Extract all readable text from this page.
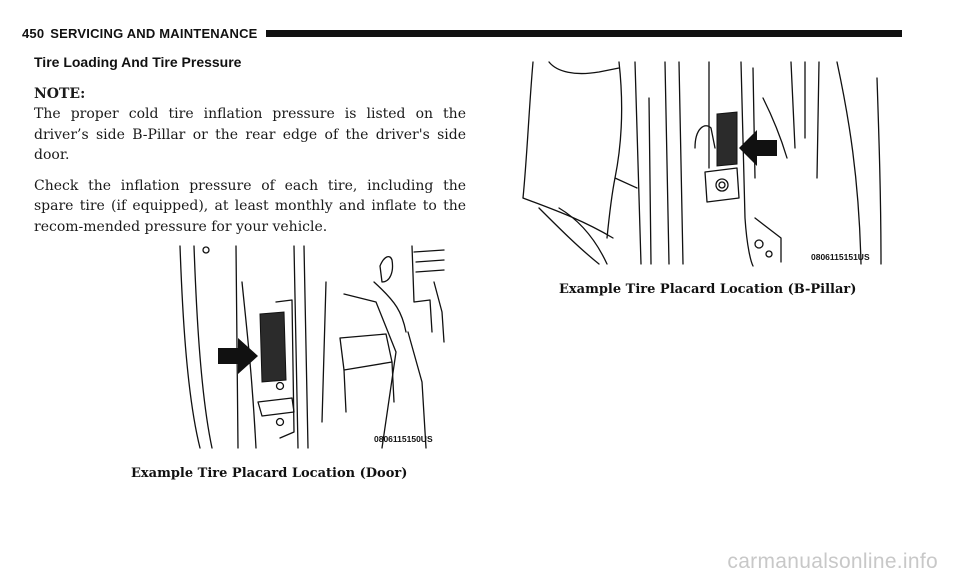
450 SERVICING AND MAINTENANCE
Tire Loading And Tire Pressure
NOTE:

The proper cold tire inflation pressure is listed on the driver’s side B-Pillar or the rear edge of the driver's side door.

Check the inflation pressure of each tire, including the spare tire (if equipped), at least monthly and inflate to the recom-mended pressure for your vehicle.

0806115150US
0806115151US
Example Tire Placard Location (Door)
Example Tire Placard Location (B-Pillar)
carmanualsonline.info
